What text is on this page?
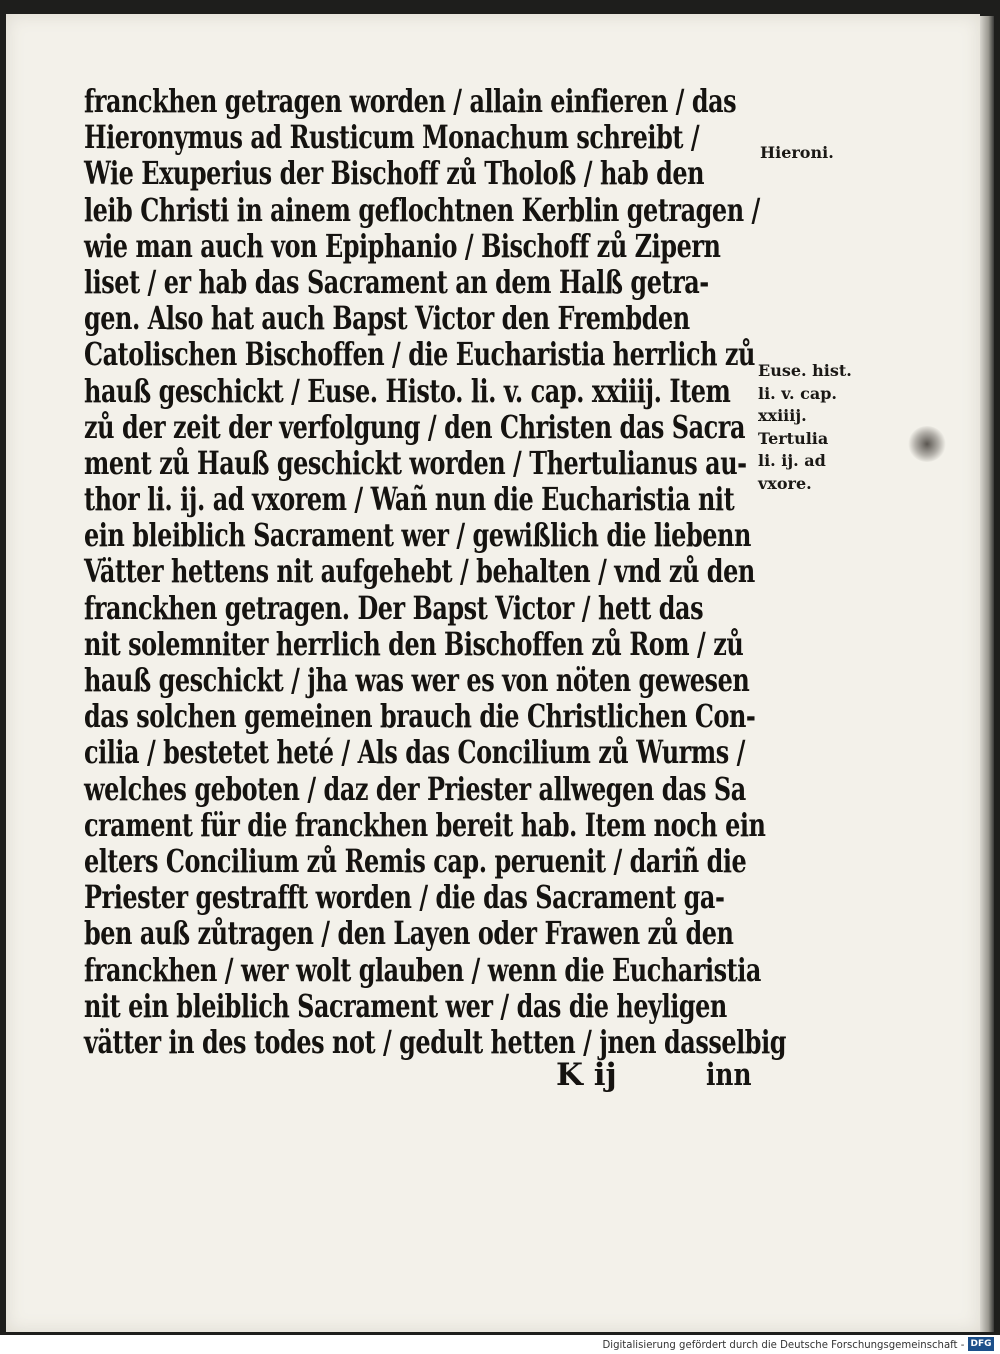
franckhen getragen worden / allain einfieren / das
Hieronymus ad Rusticum Monachum schreibt /
Wie Exuperius der Bischoff zů Tholoß / hab den
leib Christi in ainem geflochtnen Kerblin getragen /
wie man auch von Epiphanio / Bischoff zů Zipern
liset / er hab das Sacrament an dem Halß getra-
gen. Also hat auch Bapst Victor den Frembden
Catolischen Bischoffen / die Eucharistia herrlich zů
hauß geschickt / Euse. Histo. li. v. cap. xxiiij. Item
zů der zeit der verfolgung / den Christen das Sacra
ment zů Hauß geschickt worden / Thertulianus au-
thor li. ij. ad vxorem / Wañ nun die Eucharistia nit
ein bleiblich Sacrament wer / gewißlich die liebenn
Vätter hettens nit aufgehebt / behalten / vnd zů den
franckhen getragen. Der Bapst Victor / hett das
nit solemniter herrlich den Bischoffen zů Rom / zů
hauß geschickt / jha was wer es von nöten gewesen
das solchen gemeinen brauch die Christlichen Con-
cilia / bestetet heté / Als das Concilium zů Wurms /
welches geboten / daz der Priester allwegen das Sa
crament für die franckhen bereit hab. Item noch ein
elters Concilium zů Remis cap. peruenit / dariñ die
Priester gestrafft worden / die das Sacrament ga-
ben auß zůtragen / den Layen oder Frawen zů den
franckhen / wer wolt glauben / wenn die Eucharistia
nit ein bleiblich Sacrament wer / das die heyligen
vätter in des todes not / gedult hetten / jnen dasselbig
K ij	inn
Hieroni.
Euse. hist.
li. v. cap.
xxiiij.
Tertulia
li. ij. ad
vxore.
Digitalisierung gefördert durch die Deutsche Forschungsgemeinschaft - DFG
